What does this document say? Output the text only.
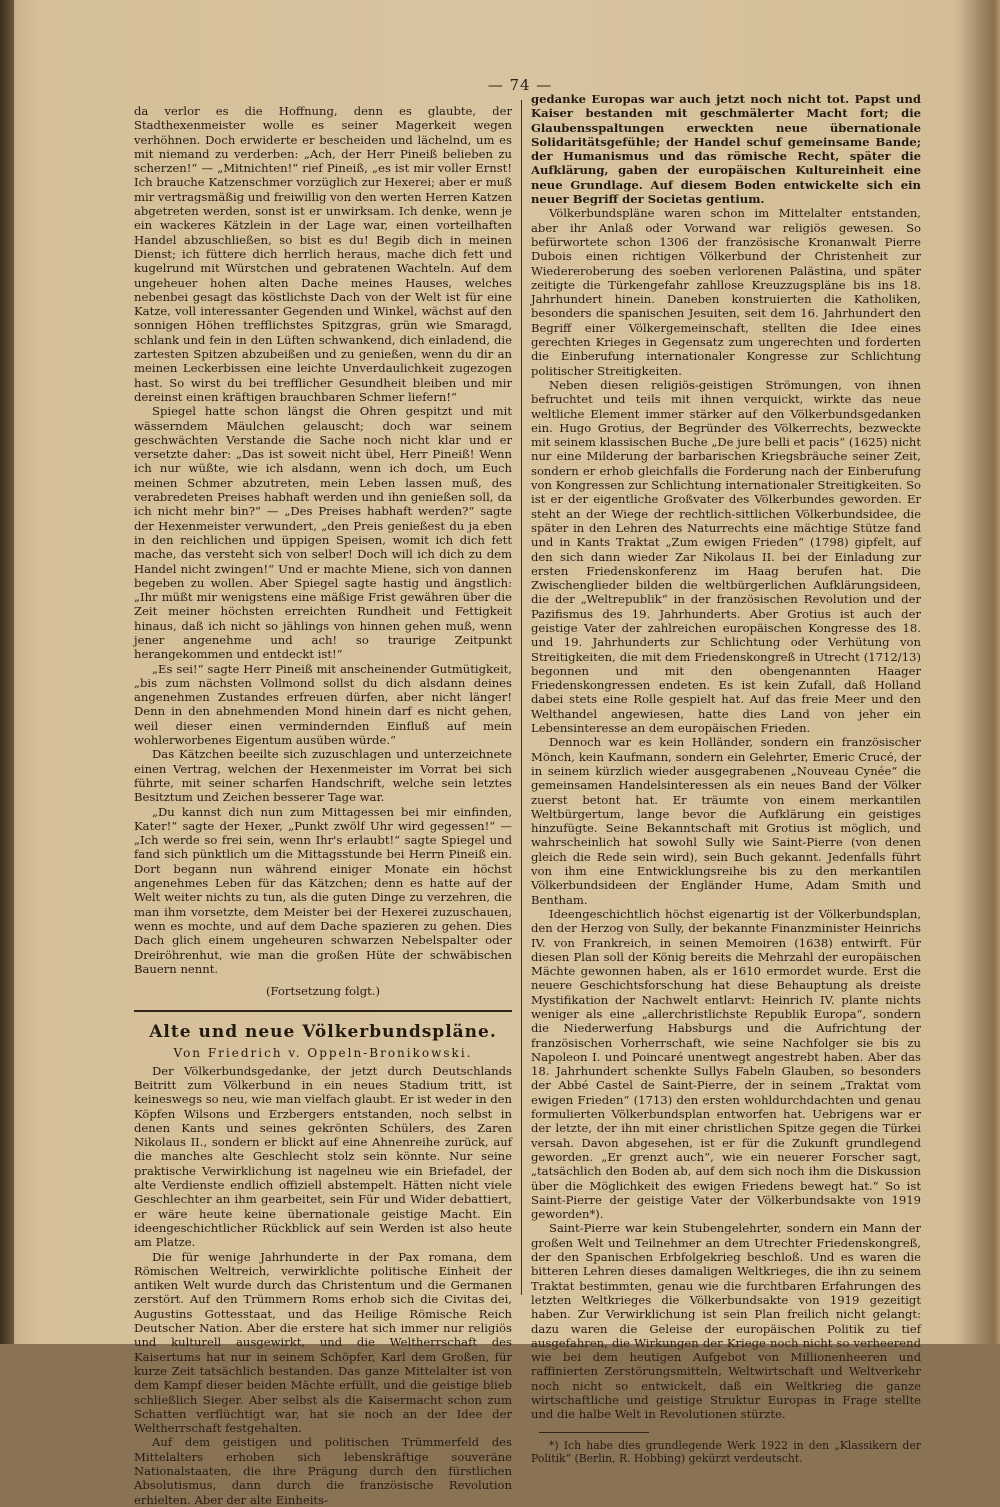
— 74 —

da verlor es die Hoffnung, denn es glaubte, der Stadthexenmeister wolle es seiner Magerkeit wegen verhöhnen. Doch erwiderte er bescheiden und lächelnd, um es mit niemand zu verderben: „Ach, der Herr Pineiß belieben zu scherzen!“ — „Mitnichten!“ rief Pineiß, „es ist mir voller Ernst! Ich brauche Katzenschmer vorzüglich zur Hexerei; aber er muß mir vertragsmäßig und freiwillig von den werten Herren Katzen abgetreten werden, sonst ist er unwirksam. Ich denke, wenn je ein wackeres Kätzlein in der Lage war, einen vorteilhaften Handel abzuschließen, so bist es du! Begib dich in meinen Dienst; ich füttere dich herrlich heraus, mache dich fett und kugelrund mit Würstchen und gebratenen Wachteln. Auf dem ungeheuer hohen alten Dache meines Hauses, welches nebenbei gesagt das köstlichste Dach von der Welt ist für eine Katze, voll interessanter Gegenden und Winkel, wächst auf den sonnigen Höhen trefflichstes Spitzgras, grün wie Smaragd, schlank und fein in den Lüften schwankend, dich einladend, die zartesten Spitzen abzubeißen und zu genießen, wenn du dir an meinen Leckerbissen eine leichte Unverdaulichkeit zugezogen hast. So wirst du bei trefflicher Gesundheit bleiben und mir dereinst einen kräftigen brauchbaren Schmer liefern!“

Spiegel hatte schon längst die Ohren gespitzt und mit wässerndem Mäulchen gelauscht; doch war seinem geschwächten Verstande die Sache noch nicht klar und er versetzte daher: „Das ist soweit nicht übel, Herr Pineiß! Wenn ich nur wüßte, wie ich alsdann, wenn ich doch, um Euch meinen Schmer abzutreten, mein Leben lassen muß, des verabredeten Preises habhaft werden und ihn genießen soll, da ich nicht mehr bin?“ — „Des Preises habhaft werden?“ sagte der Hexenmeister verwundert, „den Preis genießest du ja eben in den reichlichen und üppigen Speisen, womit ich dich fett mache, das versteht sich von selber! Doch will ich dich zu dem Handel nicht zwingen!“ Und er machte Miene, sich von dannen begeben zu wollen. Aber Spiegel sagte hastig und ängstlich: „Ihr müßt mir wenigstens eine mäßige Frist gewähren über die Zeit meiner höchsten erreichten Rundheit und Fettigkeit hinaus, daß ich nicht so jählings von hinnen gehen muß, wenn jener angenehme und ach! so traurige Zeitpunkt herangekommen und entdeckt ist!“

„Es sei!“ sagte Herr Pineiß mit anscheinender Gutmütigkeit, „bis zum nächsten Vollmond sollst du dich alsdann deines angenehmen Zustandes erfreuen dürfen, aber nicht länger! Denn in den abnehmenden Mond hinein darf es nicht gehen, weil dieser einen vermindernden Einfluß auf mein wohlerworbenes Eigentum ausüben würde.“

Das Kätzchen beeilte sich zuzuschlagen und unterzeichnete einen Vertrag, welchen der Hexenmeister im Vorrat bei sich führte, mit seiner scharfen Handschrift, welche sein letztes Besitztum und Zeichen besserer Tage war.

„Du kannst dich nun zum Mittagessen bei mir einfinden, Kater!“ sagte der Hexer, „Punkt zwölf Uhr wird gegessen!“ — „Ich werde so frei sein, wenn Ihr's erlaubt!“ sagte Spiegel und fand sich pünktlich um die Mittagsstunde bei Herrn Pineiß ein. Dort begann nun während einiger Monate ein höchst angenehmes Leben für das Kätzchen; denn es hatte auf der Welt weiter nichts zu tun, als die guten Dinge zu verzehren, die man ihm vorsetzte, dem Meister bei der Hexerei zuzuschauen, wenn es mochte, und auf dem Dache spazieren zu gehen. Dies Dach glich einem ungeheuren schwarzen Nebelspalter oder Dreiröhrenhut, wie man die großen Hüte der schwäbischen Bauern nennt.

(Fortsetzung folgt.)

Alte und neue Völkerbundspläne.
Von Friedrich v. Oppeln-Bronikowski.

Der Völkerbundsgedanke, der jetzt durch Deutschlands Beitritt zum Völkerbund in ein neues Stadium tritt, ist keineswegs so neu, wie man vielfach glaubt. Er ist weder in den Köpfen Wilsons und Erzbergers entstanden, noch selbst in denen Kants und seines gekrönten Schülers, des Zaren Nikolaus II., sondern er blickt auf eine Ahnenreihe zurück, auf die manches alte Geschlecht stolz sein könnte. Nur seine praktische Verwirklichung ist nagelneu wie ein Briefadel, der alte Verdienste endlich offiziell abstempelt. Hätten nicht viele Geschlechter an ihm gearbeitet, sein Für und Wider debattiert, er wäre heute keine übernationale geistige Macht. Ein ideengeschichtlicher Rückblick auf sein Werden ist also heute am Platze.

Die für wenige Jahrhunderte in der Pax romana, dem Römischen Weltreich, verwirklichte politische Einheit der antiken Welt wurde durch das Christentum und die Germanen zerstört. Auf den Trümmern Roms erhob sich die Civitas dei, Augustins Gottesstaat, und das Heilige Römische Reich Deutscher Nation. Aber die erstere hat sich immer nur religiös und kulturell ausgewirkt, und die Weltherrschaft des Kaisertums hat nur in seinem Schöpfer, Karl dem Großen, für kurze Zeit tatsächlich bestanden. Das ganze Mittelalter ist von dem Kampf dieser beiden Mächte erfüllt, und die geistige blieb schließlich Sieger. Aber selbst als die Kaisermacht schon zum Schatten verflüchtigt war, hat sie noch an der Idee der Weltherrschaft festgehalten.

Auf dem geistigen und politischen Trümmerfeld des Mittelalters erhoben sich lebenskräftige souveräne Nationalstaaten, die ihre Prägung durch den fürstlichen Absolutismus, dann durch die französische Revolution erhielten. Aber der alte Einheits-

gedanke Europas war auch jetzt noch nicht tot. Papst und Kaiser bestanden mit geschmälerter Macht fort; die Glaubensspaltungen erweckten neue übernationale Solidaritätsgefühle; der Handel schuf gemeinsame Bande; der Humanismus und das römische Recht, später die Aufklärung, gaben der europäischen Kultureinheit eine neue Grundlage. Auf diesem Boden entwickelte sich ein neuer Begriff der Societas gentium.

Völkerbundspläne waren schon im Mittelalter entstanden, aber ihr Anlaß oder Vorwand war religiös gewesen. So befürwortete schon 1306 der französische Kronanwalt Pierre Dubois einen richtigen Völkerbund der Christenheit zur Wiedereroberung des soeben verlorenen Palästina, und später zeitigte die Türkengefahr zahllose Kreuzzugspläne bis ins 18. Jahrhundert hinein. Daneben konstruierten die Katholiken, besonders die spanischen Jesuiten, seit dem 16. Jahrhundert den Begriff einer Völkergemeinschaft, stellten die Idee eines gerechten Krieges in Gegensatz zum ungerechten und forderten die Einberufung internationaler Kongresse zur Schlichtung politischer Streitigkeiten.

Neben diesen religiös-geistigen Strömungen, von ihnen befruchtet und teils mit ihnen verquickt, wirkte das neue weltliche Element immer stärker auf den Völkerbundsgedanken ein. Hugo Grotius, der Begründer des Völkerrechts, bezweckte mit seinem klassischen Buche „De jure belli et pacis“ (1625) nicht nur eine Milderung der barbarischen Kriegsbräuche seiner Zeit, sondern er erhob gleichfalls die Forderung nach der Einberufung von Kongressen zur Schlichtung internationaler Streitigkeiten. So ist er der eigentliche Großvater des Völkerbundes geworden. Er steht an der Wiege der rechtlich-sittlichen Völkerbundsidee, die später in den Lehren des Naturrechts eine mächtige Stütze fand und in Kants Traktat „Zum ewigen Frieden“ (1798) gipfelt, auf den sich dann wieder Zar Nikolaus II. bei der Einladung zur ersten Friedenskonferenz im Haag berufen hat. Die Zwischenglieder bilden die weltbürgerlichen Aufklärungsideen, die der „Weltrepublik“ in der französischen Revolution und der Pazifismus des 19. Jahrhunderts. Aber Grotius ist auch der geistige Vater der zahlreichen europäischen Kongresse des 18. und 19. Jahrhunderts zur Schlichtung oder Verhütung von Streitigkeiten, die mit dem Friedenskongreß in Utrecht (1712/13) begonnen und mit den obengenannten Haager Friedenskongressen endeten. Es ist kein Zufall, daß Holland dabei stets eine Rolle gespielt hat. Auf das freie Meer und den Welthandel angewiesen, hatte dies Land von jeher ein Lebensinteresse an dem europäischen Frieden.

Dennoch war es kein Holländer, sondern ein französischer Mönch, kein Kaufmann, sondern ein Gelehrter, Emeric Crucé, der in seinem kürzlich wieder ausgegrabenen „Nouveau Cynée“ die gemeinsamen Handelsinteressen als ein neues Band der Völker zuerst betont hat. Er träumte von einem merkantilen Weltbürgertum, lange bevor die Aufklärung ein geistiges hinzufügte. Seine Bekanntschaft mit Grotius ist möglich, und wahrscheinlich hat sowohl Sully wie Saint-Pierre (von denen gleich die Rede sein wird), sein Buch gekannt. Jedenfalls führt von ihm eine Entwicklungsreihe bis zu den merkantilen Völkerbundsideen der Engländer Hume, Adam Smith und Bentham.

Ideengeschichtlich höchst eigenartig ist der Völkerbundsplan, den der Herzog von Sully, der bekannte Finanzminister Heinrichs IV. von Frankreich, in seinen Memoiren (1638) entwirft. Für diesen Plan soll der König bereits die Mehrzahl der europäischen Mächte gewonnen haben, als er 1610 ermordet wurde. Erst die neuere Geschichtsforschung hat diese Behauptung als dreiste Mystifikation der Nachwelt entlarvt: Heinrich IV. plante nichts weniger als eine „allerchristlichste Republik Europa“, sondern die Niederwerfung Habsburgs und die Aufrichtung der französischen Vorherrschaft, wie seine Nachfolger sie bis zu Napoleon I. und Poincaré unentwegt angestrebt haben. Aber das 18. Jahrhundert schenkte Sullys Fabeln Glauben, so besonders der Abbé Castel de Saint-Pierre, der in seinem „Traktat vom ewigen Frieden“ (1713) den ersten wohldurchdachten und genau formulierten Völkerbundsplan entworfen hat. Uebrigens war er der letzte, der ihn mit einer christlichen Spitze gegen die Türkei versah. Davon abgesehen, ist er für die Zukunft grundlegend geworden. „Er grenzt auch“, wie ein neuerer Forscher sagt, „tatsächlich den Boden ab, auf dem sich noch ihm die Diskussion über die Möglichkeit des ewigen Friedens bewegt hat.“ So ist Saint-Pierre der geistige Vater der Völkerbundsakte von 1919 geworden*).

Saint-Pierre war kein Stubengelehrter, sondern ein Mann der großen Welt und Teilnehmer an dem Utrechter Friedenskongreß, der den Spanischen Erbfolgekrieg beschloß. Und es waren die bitteren Lehren dieses damaligen Weltkrieges, die ihn zu seinem Traktat bestimmten, genau wie die furchtbaren Erfahrungen des letzten Weltkrieges die Völkerbundsakte von 1919 gezeitigt haben. Zur Verwirklichung ist sein Plan freilich nicht gelangt: dazu waren die Geleise der europäischen Politik zu tief ausgefahren, die Wirkungen der Kriege noch nicht so verheerend wie bei dem heutigen Aufgebot von Millionenheeren und raffinierten Zerstörungsmitteln, Weltwirtschaft und Weltverkehr noch nicht so entwickelt, daß ein Weltkrieg die ganze wirtschaftliche und geistige Struktur Europas in Frage stellte und die halbe Welt in Revolutionen stürzte.

*) Ich habe dies grundlegende Werk 1922 in den „Klassikern der Politik“ (Berlin, R. Hobbing) gekürzt verdeutscht.
